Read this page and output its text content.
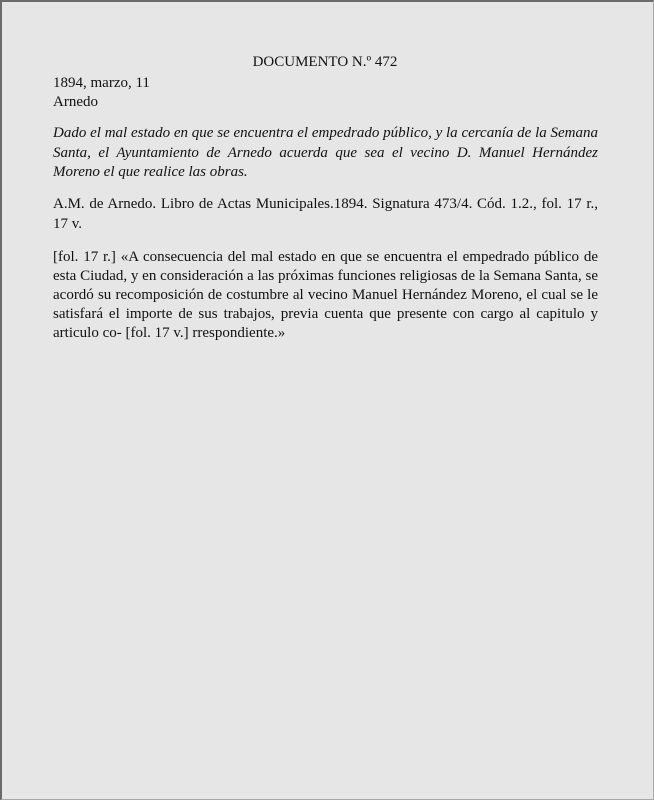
DOCUMENTO N.º 472
1894, marzo, 11
Arnedo
Dado el mal estado en que se encuentra el empedrado público, y la cercanía de la Semana Santa, el Ayuntamiento de Arnedo acuerda que sea el vecino D. Manuel Hernández Moreno el que realice las obras.
A.M. de Arnedo. Libro de Actas Municipales.1894. Signatura 473/4. Cód. 1.2., fol. 17 r., 17 v.
[fol. 17 r.] «A consecuencia del mal estado en que se encuentra el empedrado público de esta Ciudad, y en consideración a las próximas funciones religiosas de la Semana Santa, se acordó su recomposición de costumbre al vecino Manuel Hernández Moreno, el cual se le satisfará el importe de sus trabajos, previa cuenta que presente con cargo al capitulo y articulo co- [fol. 17 v.] rrespondiente.»
